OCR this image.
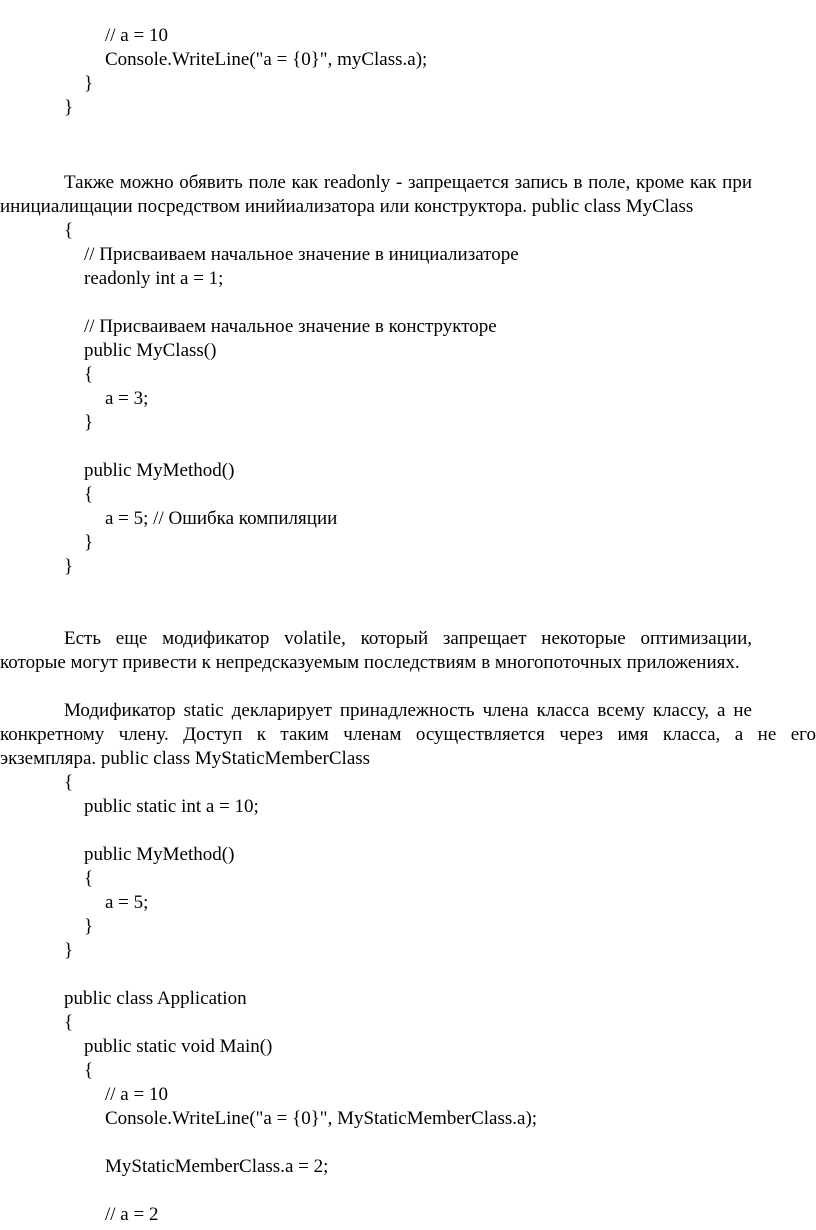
// a = 10
Console.WriteLine("a = {0}", myClass.a);
}
}
Также можно обявить поле как readonly - запрещается запись в поле, кроме как при
инициалищации посредством инийиализатора или конструктора. public class MyClass
{
// Присваиваем начальное значение в инициализаторе
readonly int a = 1;
// Присваиваем начальное значение в конструкторе
public MyClass()
{
a = 3;
}
public MyMethod()
{
a = 5; // Ошибка компиляции
}
}
Есть еще модификатор volatile, который запрещает некоторые оптимизации,
которые могут привести к непредсказуемым последствиям в многопоточных приложениях.
Модификатор static декларирует принадлежность члена класса всему классу, а не
конкретному члену. Доступ к таким членам осуществляется через имя класса, а не его
экземпляра. public class MyStaticMemberClass
{
public static int a = 10;
public MyMethod()
{
a = 5;
}
}
public class Application
{
public static void Main()
{
// a = 10
Console.WriteLine("a = {0}", MyStaticMemberClass.a);
MyStaticMemberClass.a = 2;
// a = 2
